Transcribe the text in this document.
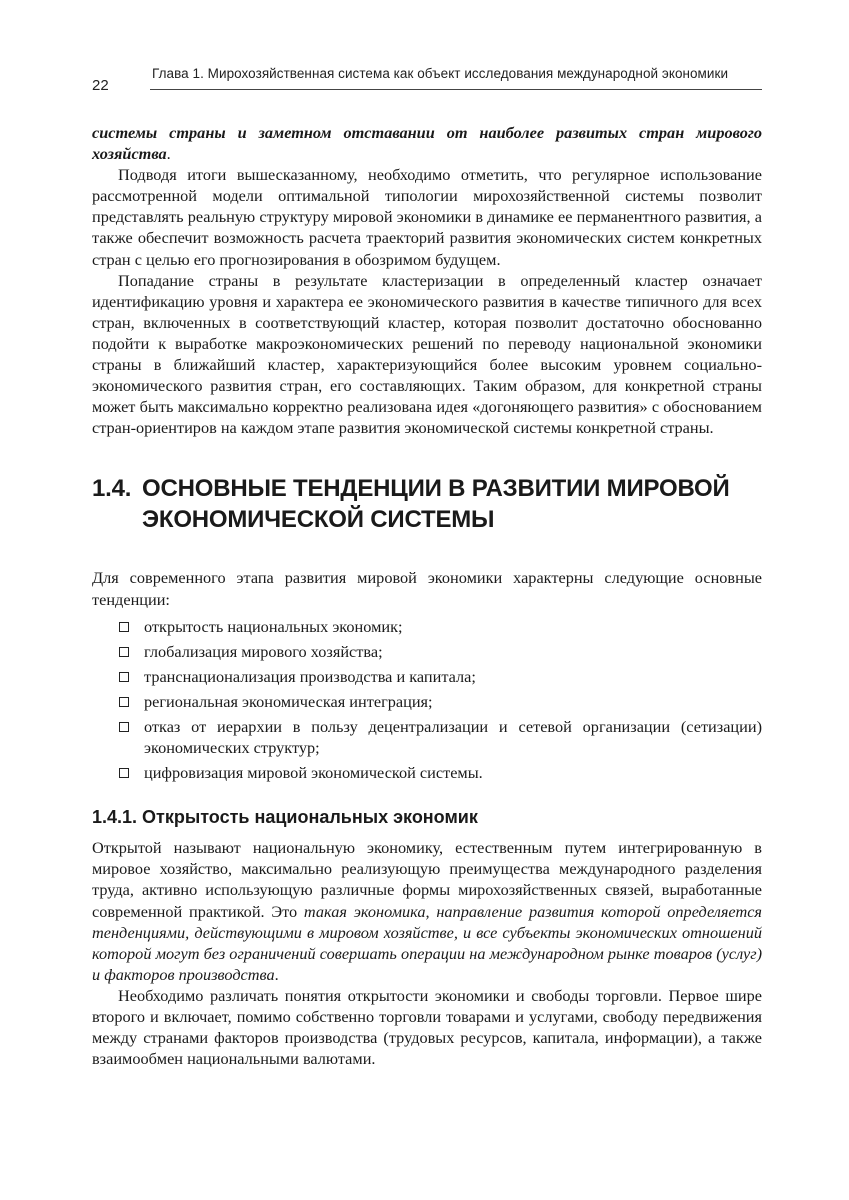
22
Глава 1. Мирохозяйственная система как объект исследования международной экономики

системы страны и заметном отставании от наиболее развитых стран мирового хозяйства.

Подводя итоги вышесказанному, необходимо отметить, что регулярное использование рассмотренной модели оптимальной типологии мирохозяйственной системы позволит представлять реальную структуру мировой экономики в динамике ее перманентного развития, а также обеспечит возможность расчета траекторий развития экономических систем конкретных стран с целью его прогнозирования в обозримом будущем.

Попадание страны в результате кластеризации в определенный кластер означает идентификацию уровня и характера ее экономического развития в качестве типичного для всех стран, включенных в соответствующий кластер, которая позволит достаточно обоснованно подойти к выработке макроэкономических решений по переводу национальной экономики страны в ближайший кластер, характеризующийся более высоким уровнем социально-экономического развития стран, его составляющих. Таким образом, для конкретной страны может быть максимально корректно реализована идея «догоняющего развития» с обоснованием стран-ориентиров на каждом этапе развития экономической системы конкретной страны.

1.4. ОСНОВНЫЕ ТЕНДЕНЦИИ В РАЗВИТИИ МИРОВОЙ
ЭКОНОМИЧЕСКОЙ СИСТЕМЫ

Для современного этапа развития мировой экономики характерны следующие основные тенденции:

открытость национальных экономик;
глобализация мирового хозяйства;
транснационализация производства и капитала;
региональная экономическая интеграция;
отказ от иерархии в пользу децентрализации и сетевой организации (сетизации) экономических структур;
цифровизация мировой экономической системы.
1.4.1. Открытость национальных экономик

Открытой называют национальную экономику, естественным путем интегрированную в мировое хозяйство, максимально реализующую преимущества международного разделения труда, активно использующую различные формы мирохозяйственных связей, выработанные современной практикой. Это такая экономика, направление развития которой определяется тенденциями, действующими в мировом хозяйстве, и все субъекты экономических отношений которой могут без ограничений совершать операции на международном рынке товаров (услуг) и факторов производства.

Необходимо различать понятия открытости экономики и свободы торговли. Первое шире второго и включает, помимо собственно торговли товарами и услугами, свободу передвижения между странами факторов производства (трудовых ресурсов, капитала, информации), а также взаимообмен национальными валютами.
